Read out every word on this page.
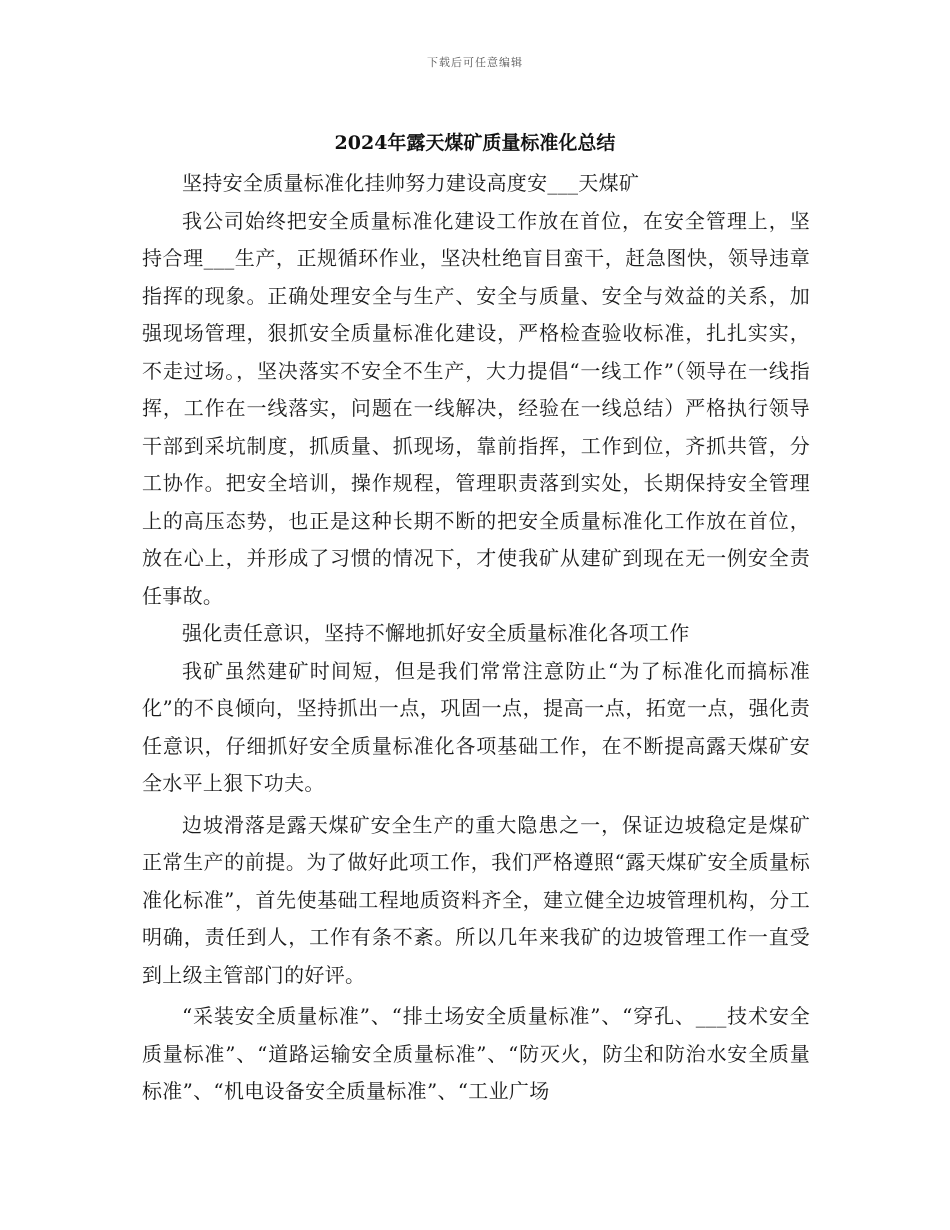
下载后可任意编辑
2024年露天煤矿质量标准化总结

坚持安全质量标准化挂帅努力建设高度安___天煤矿

我公司始终把安全质量标准化建设工作放在首位，在安全管理上，坚持合理___生产，正规循环作业，坚决杜绝盲目蛮干，赶急图快，领导违章指挥的现象。正确处理安全与生产、安全与质量、安全与效益的关系，加强现场管理，狠抓安全质量标准化建设，严格检查验收标准，扎扎实实，不走过场。，坚决落实不安全不生产，大力提倡“一线工作”（领导在一线指挥，工作在一线落实，问题在一线解决，经验在一线总结）严格执行领导干部到采坑制度，抓质量、抓现场，靠前指挥，工作到位，齐抓共管，分工协作。把安全培训，操作规程，管理职责落到实处，长期保持安全管理上的高压态势，也正是这种长期不断的把安全质量标准化工作放在首位，放在心上，并形成了习惯的情况下，才使我矿从建矿到现在无一例安全责任事故。

强化责任意识，坚持不懈地抓好安全质量标准化各项工作

我矿虽然建矿时间短，但是我们常常注意防止“为了标准化而搞标准化”的不良倾向，坚持抓出一点，巩固一点，提高一点，拓宽一点，强化责任意识，仔细抓好安全质量标准化各项基础工作，在不断提高露天煤矿安全水平上狠下功夫。

边坡滑落是露天煤矿安全生产的重大隐患之一，保证边坡稳定是煤矿正常生产的前提。为了做好此项工作，我们严格遵照“露天煤矿安全质量标准化标准”，首先使基础工程地质资料齐全，建立健全边坡管理机构，分工明确，责任到人，工作有条不紊。所以几年来我矿的边坡管理工作一直受到上级主管部门的好评。

“采装安全质量标准”、“排土场安全质量标准”、“穿孔、___技术安全质量标准”、“道路运输安全质量标准”、“防灭火，防尘和防治水安全质量标准”、“机电设备安全质量标准”、“工业广场
